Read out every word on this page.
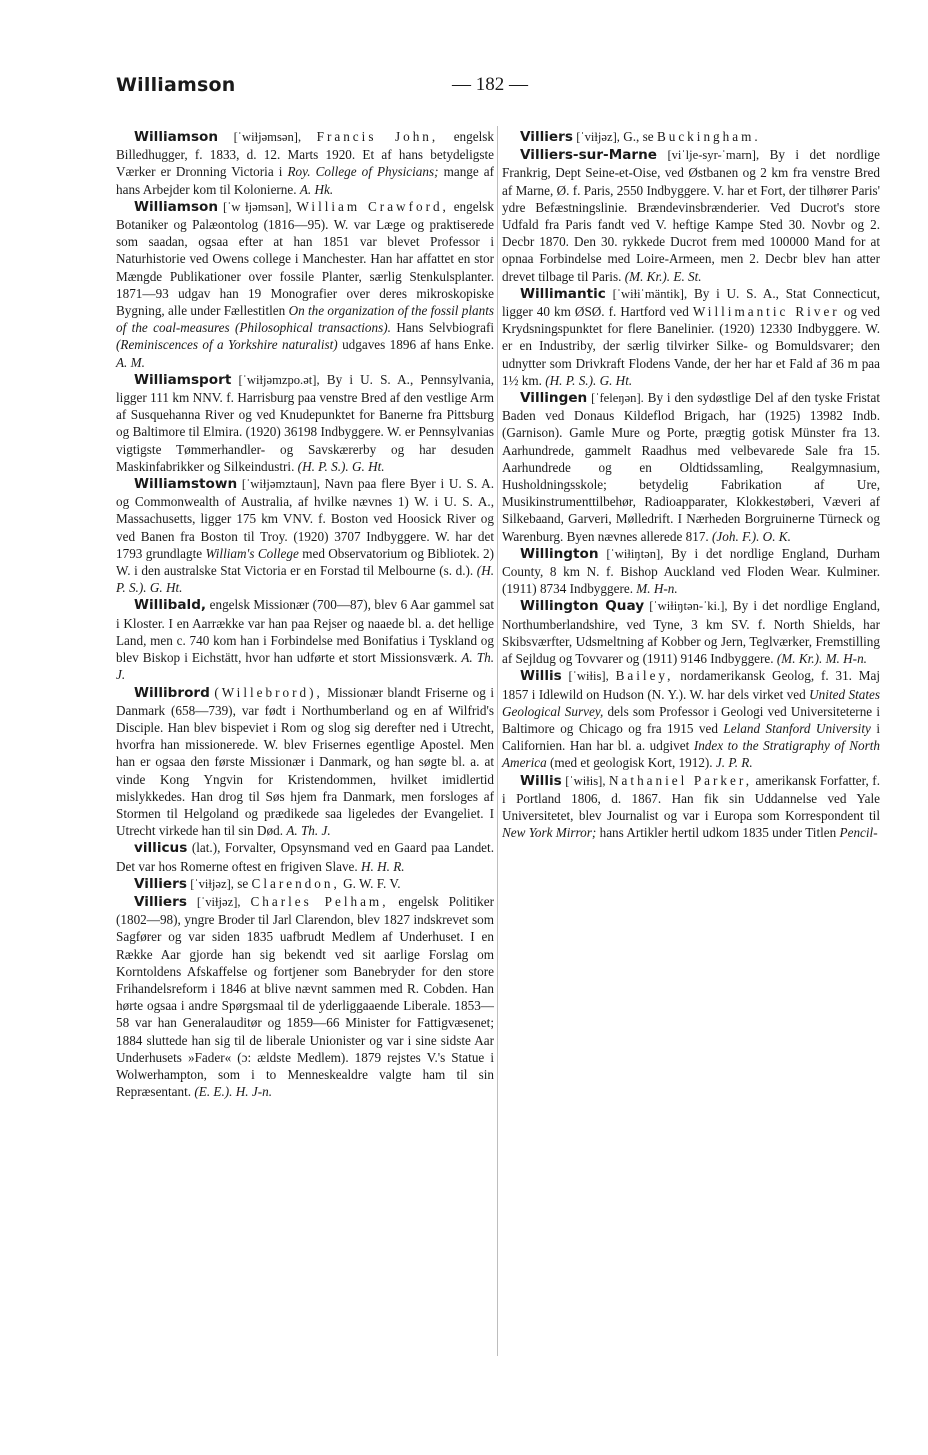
Williamson	— 182 —

Williamson [ˈwiɫjəmsən], Francis John, engelsk Billedhugger, f. 1833, d. 12. Marts 1920. Et af hans betydeligste Værker er Dronning Victoria i Roy. College of Physicians; mange af hans Arbejder kom til Kolonierne. A. Hk.

Williamson [ˈw ɫjəmsən], William Crawford, engelsk Botaniker og Palæontolog (1816—95). W. var Læge og praktiserede som saadan, ogsaa efter at han 1851 var blevet Professor i Naturhistorie ved Owens college i Manchester. Han har affattet en stor Mængde Publikationer over fossile Planter, særlig Stenkulsplanter. 1871—93 udgav han 19 Monografier over deres mikroskopiske Bygning, alle under Fællestitlen On the organization of the fossil plants of the coal-measures (Philosophical transactions). Hans Selvbiografi (Reminiscences of a Yorkshire naturalist) udgaves 1896 af hans Enke. A. M.

Williamsport [ˈwiɫjəmzpo.ət], By i U. S. A., Pennsylvania, ligger 111 km NNV. f. Harrisburg paa venstre Bred af den vestlige Arm af Susquehanna River og ved Knudepunktet for Banerne fra Pittsburg og Baltimore til Elmira. (1920) 36198 Indbyggere. W. er Pennsylvanias vigtigste Tømmerhandler- og Savskærerby og har desuden Maskinfabrikker og Silkeindustri. (H. P. S.). G. Ht.

Williamstown [ˈwiɫjəmztaun], Navn paa flere Byer i U. S. A. og Commonwealth of Australia, af hvilke nævnes 1) W. i U. S. A., Massachusetts, ligger 175 km VNV. f. Boston ved Hoosick River og ved Banen fra Boston til Troy. (1920) 3707 Indbyggere. W. har det 1793 grundlagte William's College med Observatorium og Bibliotek. 2) W. i den australske Stat Victoria er en Forstad til Melbourne (s. d.). (H. P. S.). G. Ht.

Willibald, engelsk Missionær (700—87), blev 6 Aar gammel sat i Kloster. I en Aarrække var han paa Rejser og naaede bl. a. det hellige Land, men c. 740 kom han i Forbindelse med Bonifatius i Tyskland og blev Biskop i Eichstätt, hvor han udførte et stort Missionsværk. A. Th. J.

Willibrord (Willebrord), Missionær blandt Friserne og i Danmark (658—739), var født i Northumberland og en af Wilfrid's Disciple. Han blev bispeviet i Rom og slog sig derefter ned i Utrecht, hvorfra han missionerede. W. blev Frisernes egentlige Apostel. Men han er ogsaa den første Missionær i Danmark, og han søgte bl. a. at vinde Kong Yngvin for Kristendommen, hvilket imidlertid mislykkedes. Han drog til Søs hjem fra Danmark, men forsloges af Stormen til Helgoland og prædikede saa ligeledes der Evangeliet. I Utrecht virkede han til sin Død. A. Th. J.

villicus (lat.), Forvalter, Opsynsmand ved en Gaard paa Landet. Det var hos Romerne oftest en frigiven Slave. H. H. R.

Villiers [ˈviɫjəz], se Clarendon, G. W. F. V.

Villiers [ˈviɫjəz], Charles Pelham, engelsk Politiker (1802—98), yngre Broder til Jarl Clarendon, blev 1827 indskrevet som Sagfører og var siden 1835 uafbrudt Medlem af Underhuset. I en Række Aar gjorde han sig bekendt ved sit aarlige Forslag om Korntoldens Afskaffelse og fortjener som Banebryder for den store Frihandelsreform i 1846 at blive nævnt sammen med R. Cobden. Han hørte ogsaa i andre Spørgsmaal til de yderliggaaende Liberale. 1853—58 var han Generalauditør og 1859—66 Minister for Fattigvæsenet; 1884 sluttede han sig til de liberale Unionister og var i sine sidste Aar Underhusets »Fader« (ɔ: ældste Medlem). 1879 rejstes V.'s Statue i Wolwerhampton, som i to Menneskealdre valgte ham til sin Repræsentant. (E. E.). H. J-n.

Villiers [ˈviɫjəz], G., se Buckingham.

Villiers-sur-Marne [viˈlje-syr-ˈmarn], By i det nordlige Frankrig, Dept Seine-et-Oise, ved Østbanen og 2 km fra venstre Bred af Marne, Ø. f. Paris, 2550 Indbyggere. V. har et Fort, der tilhører Paris' ydre Befæstningslinie. Brændevinsbrænderier. Ved Ducrot's store Udfald fra Paris fandt ved V. heftige Kampe Sted 30. Novbr og 2. Decbr 1870. Den 30. rykkede Ducrot frem med 100000 Mand for at opnaa Forbindelse med Loire-Armeen, men 2. Decbr blev han atter drevet tilbage til Paris. (M. Kr.). E. St.

Willimantic [ˈwiɫiˈmäntik], By i U. S. A., Stat Connecticut, ligger 40 km ØSØ. f. Hartford ved Willimantic River og ved Krydsningspunktet for flere Banelinier. (1920) 12330 Indbyggere. W. er en Industriby, der særlig tilvirker Silke- og Bomuldsvarer; den udnytter som Drivkraft Flodens Vande, der her har et Fald af 36 m paa 1½ km. (H. P. S.). G. Ht.

Villingen [ˈfeleŋən]. By i den sydøstlige Del af den tyske Fristat Baden ved Donaus Kildeflod Brigach, har (1925) 13982 Indb. (Garnison). Gamle Mure og Porte, prægtig gotisk Münster fra 13. Aarhundrede, gammelt Raadhus med velbevarede Sale fra 15. Aarhundrede og en Oldtidssamling, Realgymnasium, Husholdningsskole; betydelig Fabrikation af Ure, Musikinstrumenttilbehør, Radioapparater, Klokkestøberi, Væveri af Silkebaand, Garveri, Mølledrift. I Nærheden Borgruinerne Türneck og Warenburg. Byen nævnes allerede 817. (Joh. F.). O. K.

Willington [ˈwiɫiŋtən], By i det nordlige England, Durham County, 8 km N. f. Bishop Auckland ved Floden Wear. Kulminer. (1911) 8734 Indbyggere. M. H-n.

Willington Quay [ˈwiɫiŋtən-ˈki.], By i det nordlige England, Northumberlandshire, ved Tyne, 3 km SV. f. North Shields, har Skibsværfter, Udsmeltning af Kobber og Jern, Teglværker, Fremstilling af Sejldug og Tovvarer og (1911) 9146 Indbyggere. (M. Kr.). M. H-n.

Willis [ˈwiɫis], Bailey, nordamerikansk Geolog, f. 31. Maj 1857 i Idlewild on Hudson (N. Y.). W. har dels virket ved United States Geological Survey, dels som Professor i Geologi ved Universiteterne i Baltimore og Chicago og fra 1915 ved Leland Stanford University i Californien. Han har bl. a. udgivet Index to the Stratigraphy of North America (med et geologisk Kort, 1912). J. P. R.

Willis [ˈwiɫis], Nathaniel Parker, amerikansk Forfatter, f. i Portland 1806, d. 1867. Han fik sin Uddannelse ved Yale Universitetet, blev Journalist og var i Europa som Korrespondent til New York Mirror; hans Artikler hertil udkom 1835 under Titlen Pencil-
